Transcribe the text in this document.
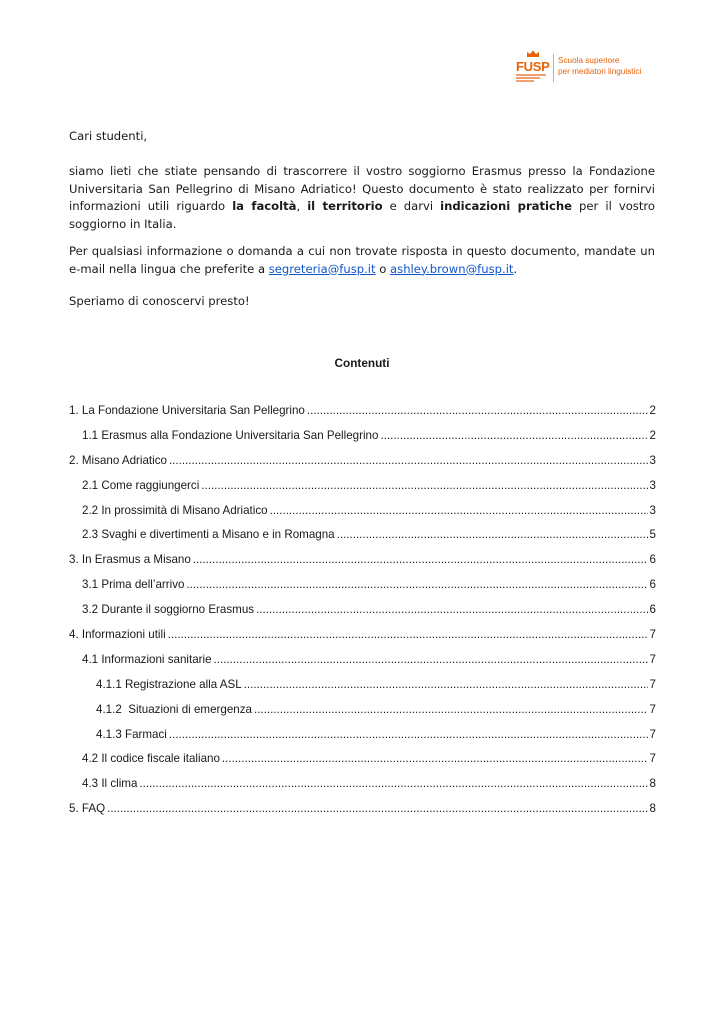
FUSP Scuola superiore
per mediatori linguistici
Cari studenti,
siamo lieti che stiate pensando di trascorrere il vostro soggiorno Erasmus presso la Fondazione Universitaria San Pellegrino di Misano Adriatico! Questo documento è stato realizzato per fornirvi informazioni utili riguardo la facoltà, il territorio e darvi indicazioni pratiche per il vostro soggiorno in Italia.
Per qualsiasi informazione o domanda a cui non trovate risposta in questo documento, mandate un e-mail nella lingua che preferite a segreteria@fusp.it o ashley.brown@fusp.it.
Speriamo di conoscervi presto!
Contenuti
1. La Fondazione Universitaria San Pellegrino .....	2
1.1 Erasmus alla Fondazione Universitaria San Pellegrino .....	2
2. Misano Adriatico .....	3
2.1 Come raggiungerci .....	3
2.2 In prossimità di Misano Adriatico .....	3
2.3 Svaghi e divertimenti a Misano e in Romagna .....	5
3. In Erasmus a Misano .....	6
3.1 Prima dell’arrivo .....	6
3.2 Durante il soggiorno Erasmus .....	6
4. Informazioni utili .....	7
4.1 Informazioni sanitarie .....	7
4.1.1 Registrazione alla ASL .....	7
4.1.2  Situazioni di emergenza .....	7
4.1.3 Farmaci .....	7
4.2 Il codice fiscale italiano .....	7
4.3 Il clima .....	8
5. FAQ .....	8
